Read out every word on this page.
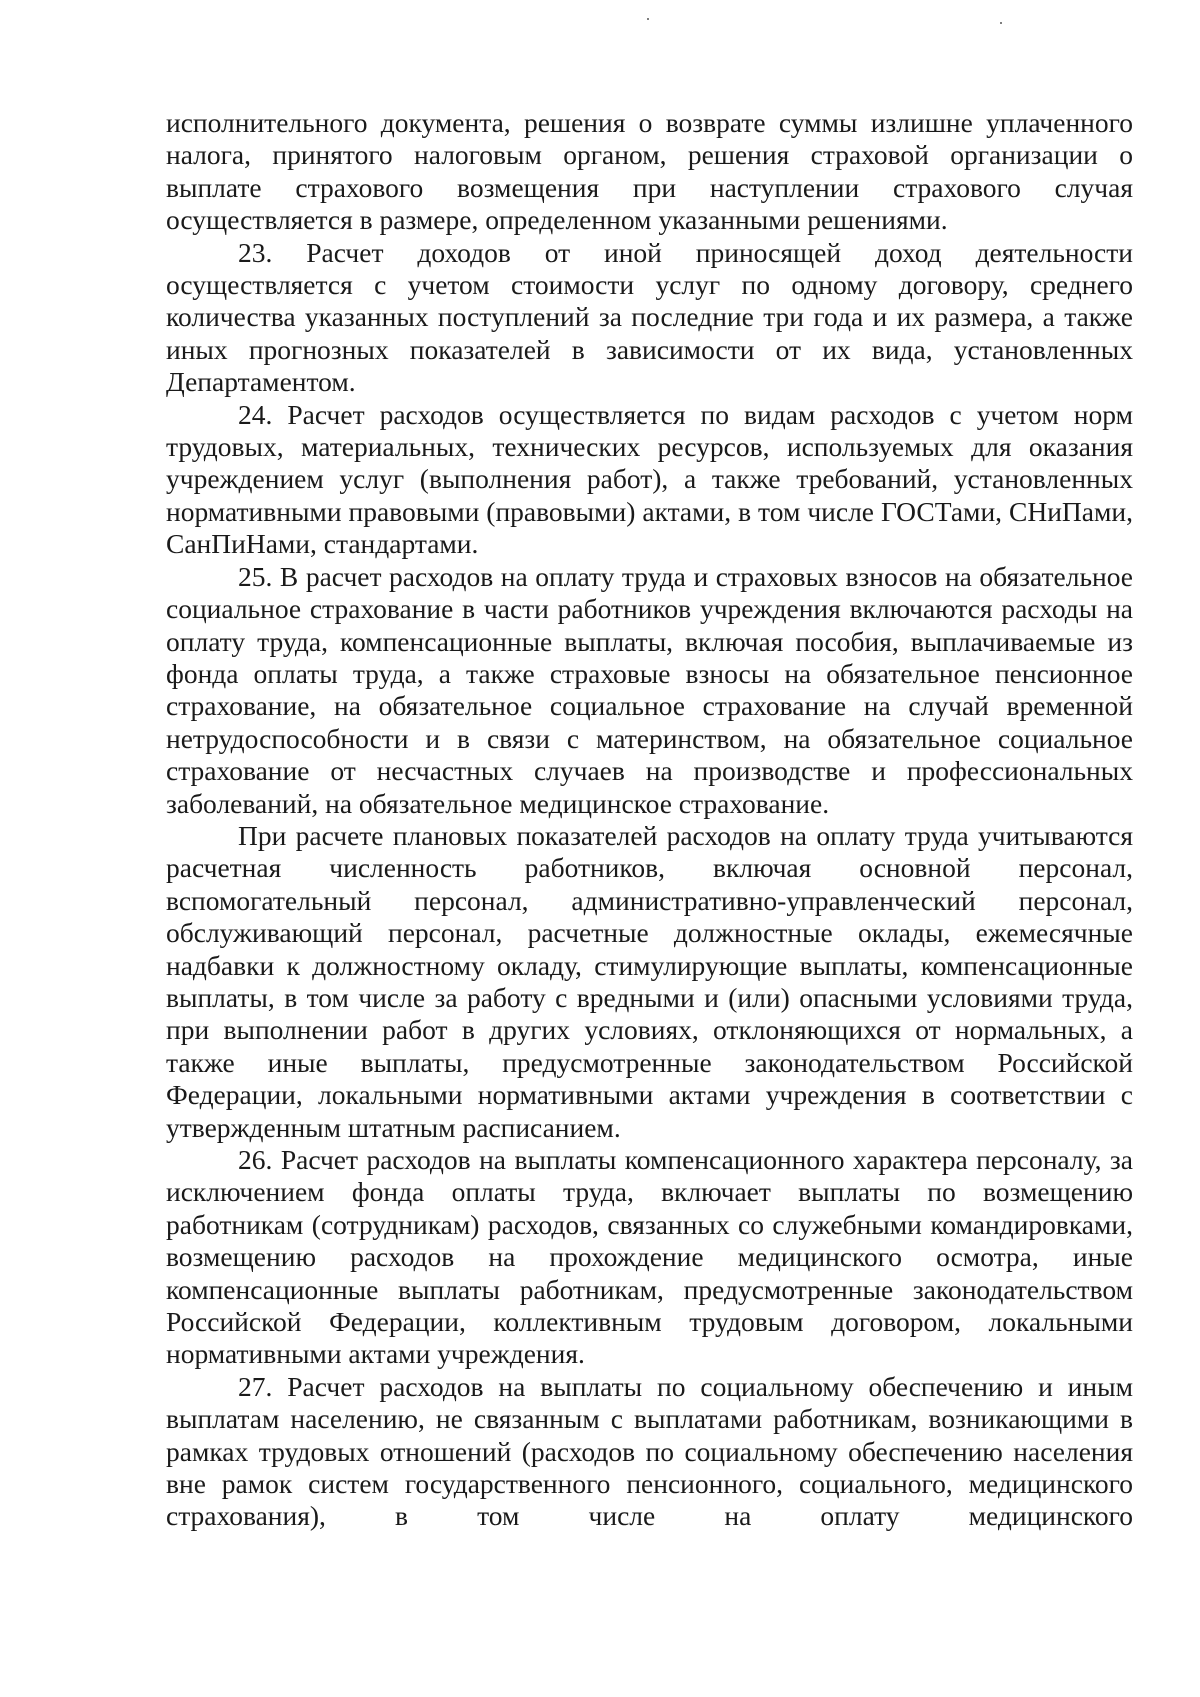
исполнительного документа, решения о возврате суммы излишне уплаченного налога, принятого налоговым органом, решения страховой организации о выплате страхового возмещения при наступлении страхового случая осуществляется в размере, определенном указанными решениями.

23. Расчет доходов от иной приносящей доход деятельности осуществляется с учетом стоимости услуг по одному договору, среднего количества указанных поступлений за последние три года и их размера, а также иных прогнозных показателей в зависимости от их вида, установленных Департаментом.

24. Расчет расходов осуществляется по видам расходов с учетом норм трудовых, материальных, технических ресурсов, используемых для оказания учреждением услуг (выполнения работ), а также требований, установленных нормативными правовыми (правовыми) актами, в том числе ГОСТами, СНиПами, СанПиНами, стандартами.

25. В расчет расходов на оплату труда и страховых взносов на обязательное социальное страхование в части работников учреждения включаются расходы на оплату труда, компенсационные выплаты, включая пособия, выплачиваемые из фонда оплаты труда, а также страховые взносы на обязательное пенсионное страхование, на обязательное социальное страхование на случай временной нетрудоспособности и в связи с материнством, на обязательное социальное страхование от несчастных случаев на производстве и профессиональных заболеваний, на обязательное медицинское страхование.

При расчете плановых показателей расходов на оплату труда учитываются расчетная численность работников, включая основной персонал, вспомогательный персонал, административно-управленческий персонал, обслуживающий персонал, расчетные должностные оклады, ежемесячные надбавки к должностному окладу, стимулирующие выплаты, компенсационные выплаты, в том числе за работу с вредными и (или) опасными условиями труда, при выполнении работ в других условиях, отклоняющихся от нормальных, а также иные выплаты, предусмотренные законодательством Российской Федерации, локальными нормативными актами учреждения в соответствии с утвержденным штатным расписанием.

26. Расчет расходов на выплаты компенсационного характера персоналу, за исключением фонда оплаты труда, включает выплаты по возмещению работникам (сотрудникам) расходов, связанных со служебными командировками, возмещению расходов на прохождение медицинского осмотра, иные компенсационные выплаты работникам, предусмотренные законодательством Российской Федерации, коллективным трудовым договором, локальными нормативными актами учреждения.

27. Расчет расходов на выплаты по социальному обеспечению и иным выплатам населению, не связанным с выплатами работникам, возникающими в рамках трудовых отношений (расходов по социальному обеспечению населения вне рамок систем государственного пенсионного, социального, медицинского страхования), в том числе на оплату медицинского
